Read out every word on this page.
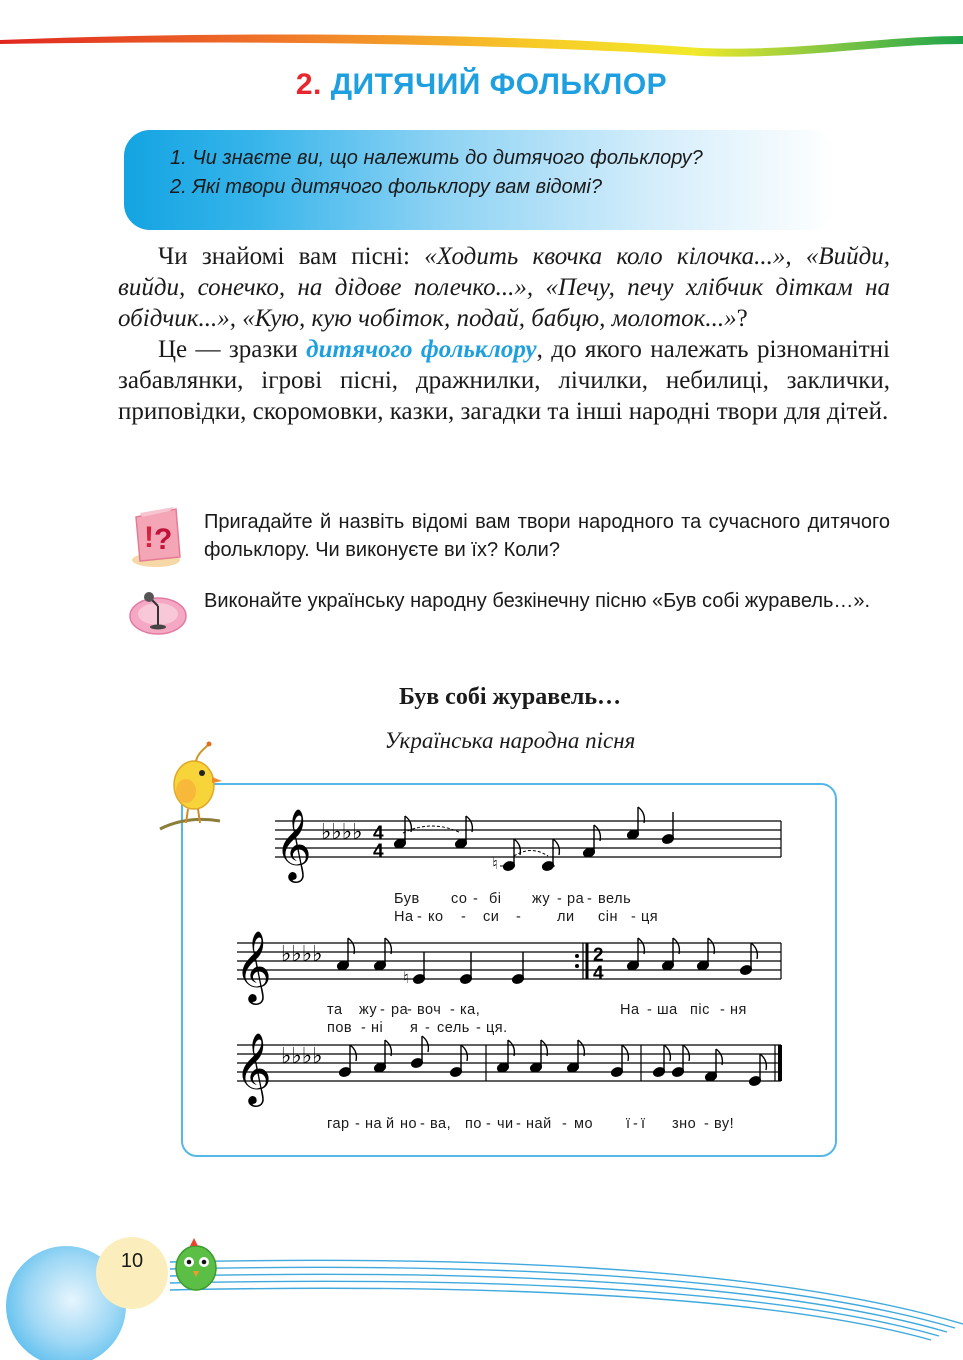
2. ДИТЯЧИЙ ФОЛЬКЛОР
1. Чи знаєте ви, що належить до дитячого фольклору?
2. Які твори дитячого фольклору вам відомі?

Чи знайомі вам пісні: «Ходить квочка коло кілочка...», «Вийди, вийди, сонечко, на дідове полечко...», «Печу, печу хлібчик діткам на обідчик...», «Кую, кую чобіток, подай, бабцю, молоток...»?

Це — зразки дитячого фольклору, до якого належать різноманітні забавлянки, ігрові пісні, дражнилки, лічилки, небилиці, заклички, приповідки, скоромовки, казки, загадки та інші народні твори для дітей.

! ?
Пригадайте й назвіть відомі вам твори народного та сучасного дитячого фольклору. Чи виконуєте ви їх? Коли?
Виконайте українську народну безкінечну пісню «Був собі журавель…».
Був собі журавель…
Українська народна пісня
𝄞 ♭♭♭♭ 4
4
♮
Був со - бі жу - ра - вель
На - ко - си - ли сін - ця
𝄞 ♭♭♭♭	2
4
♮
та жу - ра
- воч - ка,	На - ша піс - ня
пов - ні я - сель - ця.
𝄞 ♭♭♭♭
гар - на й но - ва, по - чи - най - мо ї - ї зно - ву!
10
